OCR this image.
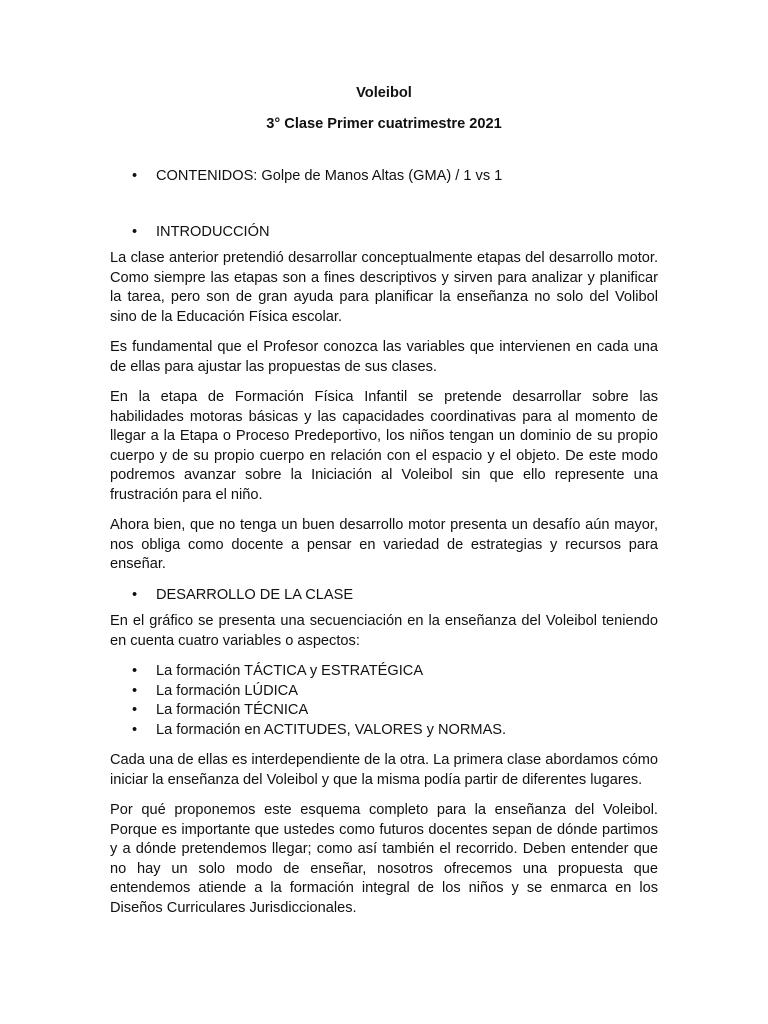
Voleibol

3° Clase Primer cuatrimestre 2021

• CONTENIDOS: Golpe de Manos Altas (GMA) / 1 vs 1
• INTRODUCCIÓN

La clase anterior pretendió desarrollar conceptualmente etapas del desarrollo motor. Como siempre las etapas son a fines descriptivos y sirven para analizar y planificar la tarea, pero son de gran ayuda para planificar la enseñanza no solo del Volibol sino de la Educación Física escolar.

Es fundamental que el Profesor conozca las variables que intervienen en cada una de ellas para ajustar las propuestas de sus clases.

En la etapa de Formación Física Infantil se pretende desarrollar sobre las habilidades motoras básicas y las capacidades coordinativas para al momento de llegar a la Etapa o Proceso Predeportivo, los niños tengan un dominio de su propio cuerpo y de su propio cuerpo en relación con el espacio y el objeto. De este modo podremos avanzar sobre la Iniciación al Voleibol sin que ello represente una frustración para el niño.

Ahora bien, que no tenga un buen desarrollo motor presenta un desafío aún mayor, nos obliga como docente a pensar en variedad de estrategias y recursos para enseñar.

• DESARROLLO DE LA CLASE

En el gráfico se presenta una secuenciación en la enseñanza del Voleibol teniendo en cuenta cuatro variables o aspectos:

• La formación TÁCTICA y ESTRATÉGICA
• La formación LÚDICA
• La formación TÉCNICA
• La formación en ACTITUDES, VALORES y NORMAS.

Cada una de ellas es interdependiente de la otra. La primera clase abordamos cómo iniciar la enseñanza del Voleibol y que la misma podía partir de diferentes lugares.

Por qué proponemos este esquema completo para la enseñanza del Voleibol. Porque es importante que ustedes como futuros docentes sepan de dónde partimos y a dónde pretendemos llegar; como así también el recorrido. Deben entender que no hay un solo modo de enseñar, nosotros ofrecemos una propuesta que entendemos atiende a la formación integral de los niños y se enmarca en los Diseños Curriculares Jurisdiccionales.
